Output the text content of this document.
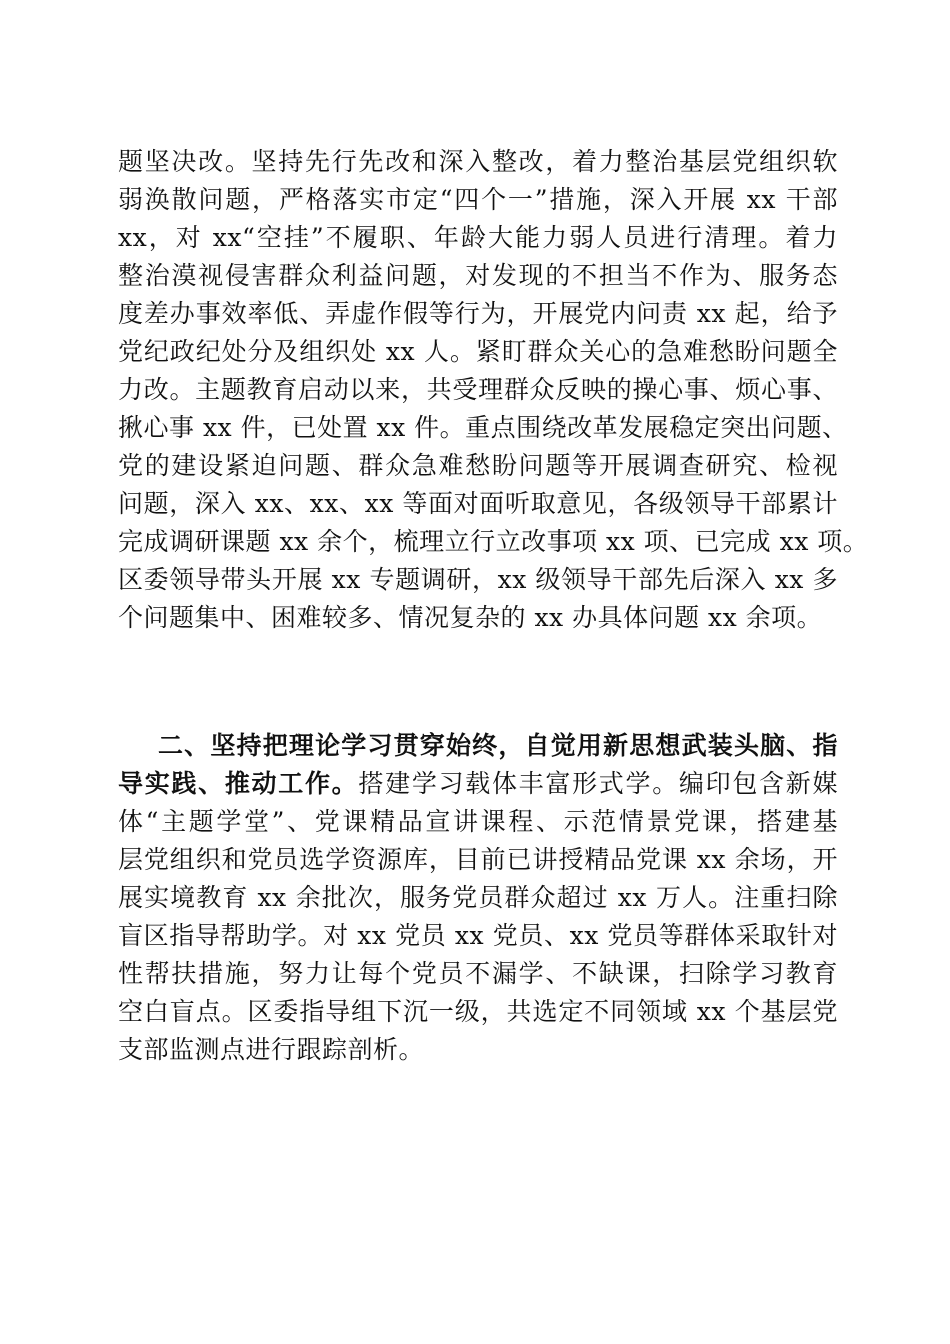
题坚决改。坚持先行先改和深入整改，着力整治基层党组织软
弱涣散问题，严格落实市定“四个一”措施，深入开展 xx 干部
xx，对 xx“空挂”不履职、年龄大能力弱人员进行清理。着力
整治漠视侵害群众利益问题，对发现的不担当不作为、服务态
度差办事效率低、弄虚作假等行为，开展党内问责 xx 起，给予
党纪政纪处分及组织处 xx 人。紧盯群众关心的急难愁盼问题全
力改。主题教育启动以来，共受理群众反映的操心事、烦心事、
揪心事 xx 件，已处置 xx 件。重点围绕改革发展稳定突出问题、
党的建设紧迫问题、群众急难愁盼问题等开展调查研究、检视
问题，深入 xx、xx、xx 等面对面听取意见，各级领导干部累计
完成调研课题 xx 余个，梳理立行立改事项 xx 项、已完成 xx 项。
区委领导带头开展 xx 专题调研，xx 级领导干部先后深入 xx 多
个问题集中、困难较多、情况复杂的 xx 办具体问题 xx 余项。
二、坚持把理论学习贯穿始终，自觉用新思想武装头脑、指
导实践、推动工作。搭建学习载体丰富形式学。编印包含新媒
体“主题学堂”、党课精品宣讲课程、示范情景党课，搭建基
层党组织和党员选学资源库，目前已讲授精品党课 xx 余场，开
展实境教育 xx 余批次，服务党员群众超过 xx 万人。注重扫除
盲区指导帮助学。对 xx 党员 xx 党员、xx 党员等群体采取针对
性帮扶措施，努力让每个党员不漏学、不缺课，扫除学习教育
空白盲点。区委指导组下沉一级，共选定不同领域 xx 个基层党
支部监测点进行跟踪剖析。
